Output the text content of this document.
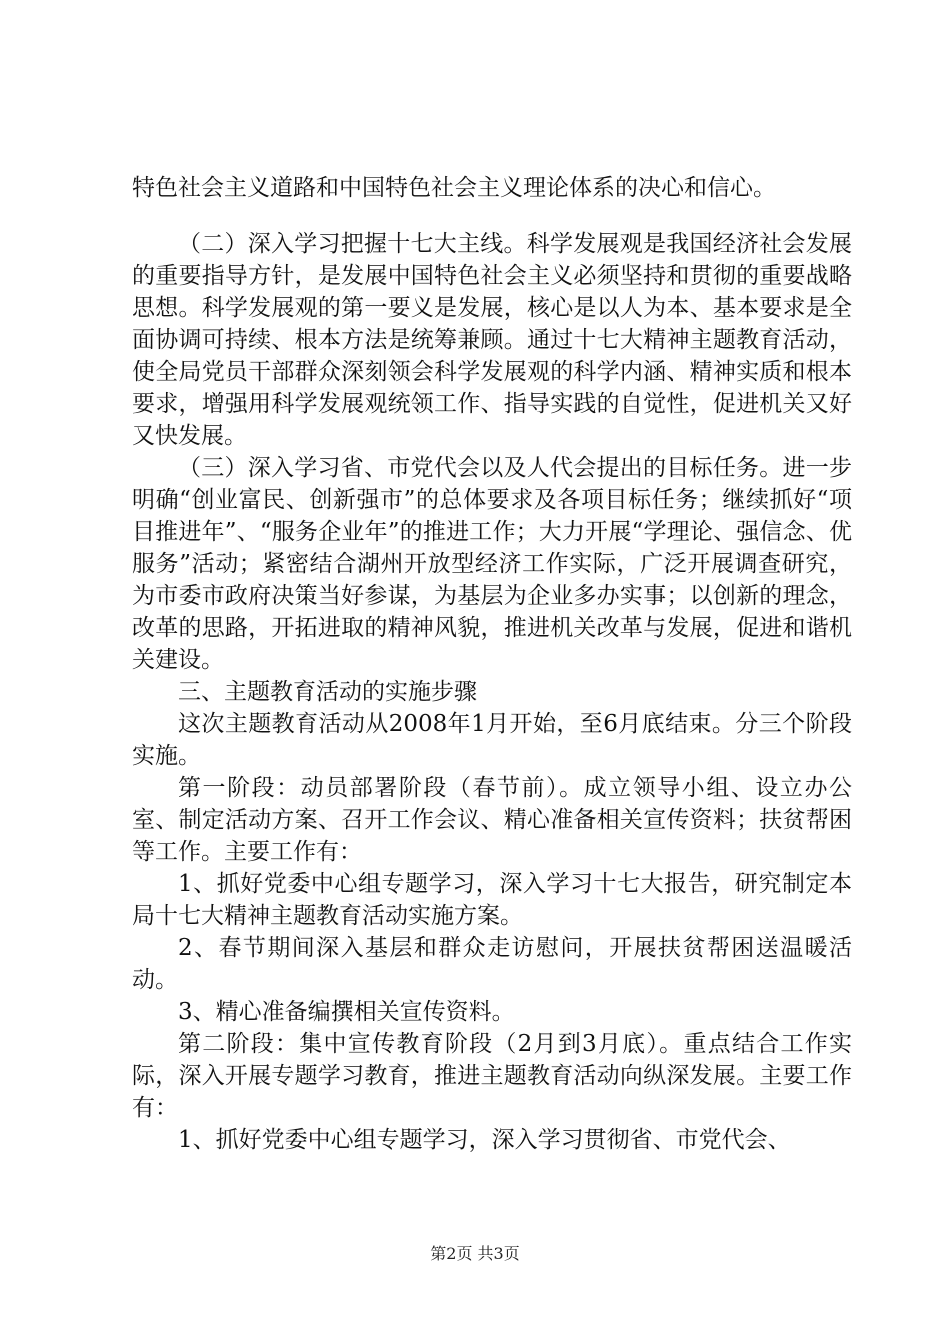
特色社会主义道路和中国特色社会主义理论体系的决心和信心。

（二）深入学习把握十七大主线。科学发展观是我国经济社会发展的重要指导方针，是发展中国特色社会主义必须坚持和贯彻的重要战略思想。科学发展观的第一要义是发展，核心是以人为本、基本要求是全面协调可持续、根本方法是统筹兼顾。通过十七大精神主题教育活动，使全局党员干部群众深刻领会科学发展观的科学内涵、精神实质和根本要求，增强用科学发展观统领工作、指导实践的自觉性，促进机关又好又快发展。

（三）深入学习省、市党代会以及人代会提出的目标任务。进一步明确“创业富民、创新强市”的总体要求及各项目标任务；继续抓好“项目推进年”、“服务企业年”的推进工作；大力开展“学理论、强信念、优服务”活动；紧密结合湖州开放型经济工作实际，广泛开展调查研究，为市委市政府决策当好参谋，为基层为企业多办实事；以创新的理念，改革的思路，开拓进取的精神风貌，推进机关改革与发展，促进和谐机关建设。

三、主题教育活动的实施步骤

这次主题教育活动从2008年1月开始，至6月底结束。分三个阶段实施。

第一阶段：动员部署阶段（春节前）。成立领导小组、设立办公室、制定活动方案、召开工作会议、精心准备相关宣传资料；扶贫帮困等工作。主要工作有：

1、抓好党委中心组专题学习，深入学习十七大报告，研究制定本局十七大精神主题教育活动实施方案。

2、春节期间深入基层和群众走访慰问，开展扶贫帮困送温暖活动。

3、精心准备编撰相关宣传资料。

第二阶段：集中宣传教育阶段（2月到3月底）。重点结合工作实际，深入开展专题学习教育，推进主题教育活动向纵深发展。主要工作有：

1、抓好党委中心组专题学习，深入学习贯彻省、市党代会、

第2页 共3页
